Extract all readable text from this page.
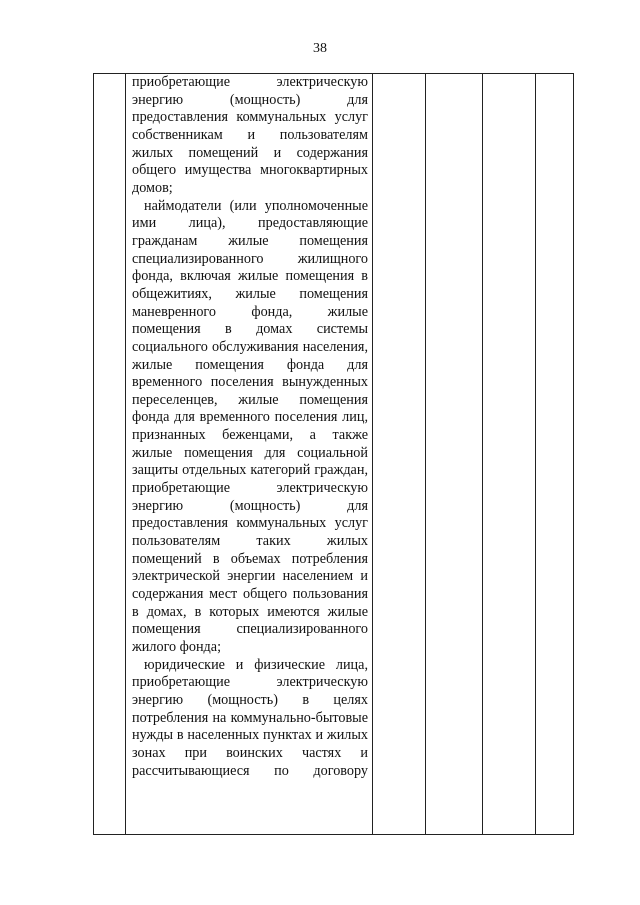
38

приобретающие электрическую энергию (мощность) для предоставления коммунальных услуг собственникам и пользователям жилых помещений и содержания общего имущества многоквартирных домов;

наймодатели (или уполномоченные ими лица), предоставляющие гражданам жилые помещения специализированного жилищного фонда, включая жилые помещения в общежитиях, жилые помещения маневренного фонда, жилые помещения в домах системы социального обслуживания населения, жилые помещения фонда для временного поселения вынужденных переселенцев, жилые помещения фонда для временного поселения лиц, признанных беженцами, а также жилые помещения для социальной защиты отдельных категорий граждан, приобретающие электрическую энергию (мощность) для предоставления коммунальных услуг пользователям таких жилых помещений в объемах потребления электрической энергии населением и содержания мест общего пользования в домах, в которых имеются жилые помещения специализированного жилого фонда;

юридические и физические лица, приобретающие электрическую энергию (мощность) в целях потребления на коммунально-бытовые нужды в населенных пунктах и жилых зонах при воинских частях и рассчитывающиеся по договору
